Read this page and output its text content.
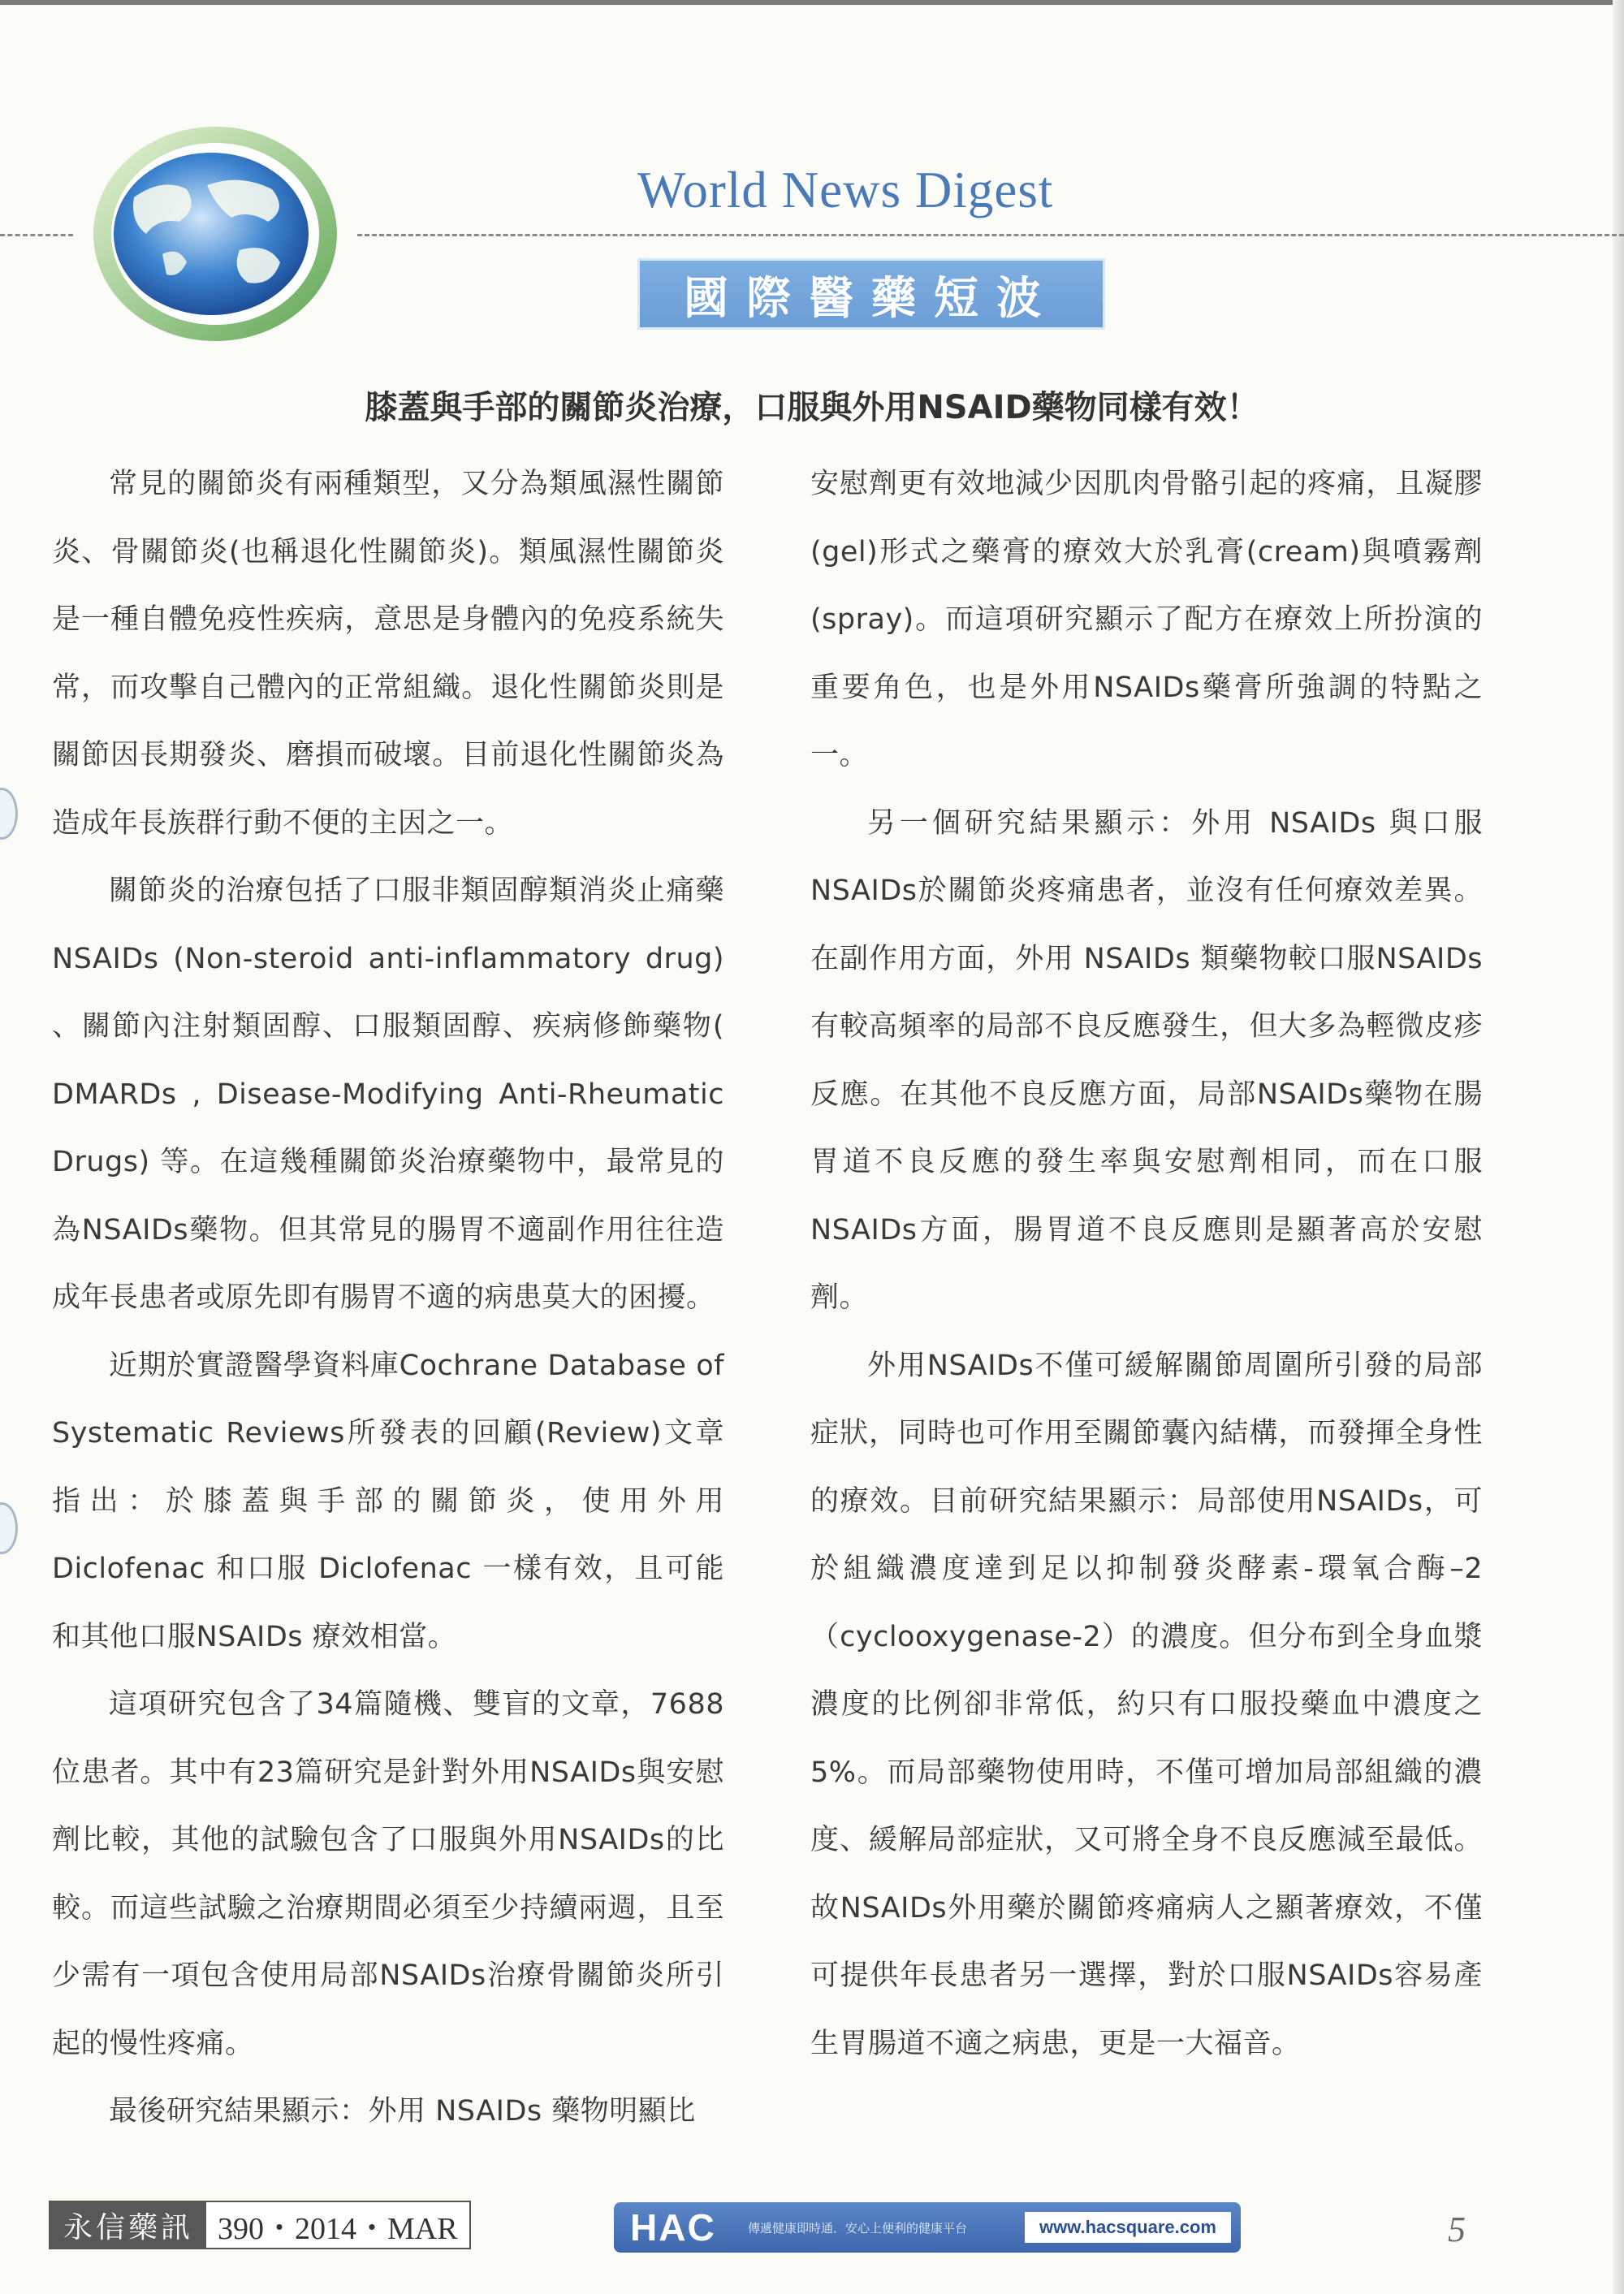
World News Digest
國際醫藥短波
膝蓋與手部的關節炎治療，口服與外用NSAID藥物同樣有效！

常見的關節炎有兩種類型，又分為類風濕性關節炎、骨關節炎(也稱退化性關節炎)。類風濕性關節炎是一種自體免疫性疾病，意思是身體內的免疫系統失常，而攻擊自己體內的正常組織。退化性關節炎則是關節因長期發炎、磨損而破壞。目前退化性關節炎為造成年長族群行動不便的主因之一。

關節炎的治療包括了口服非類固醇類消炎止痛藥NSAIDs (Non-steroid anti-inflammatory drug) 、關節內注射類固醇、口服類固醇、疾病修飾藥物( DMARDs , Disease-Modifying Anti-Rheumatic Drugs) 等。在這幾種關節炎治療藥物中，最常見的為NSAIDs藥物。但其常見的腸胃不適副作用往往造成年長患者或原先即有腸胃不適的病患莫大的困擾。

近期於實證醫學資料庫Cochrane Database of Systematic Reviews所發表的回顧(Review)文章指出：於膝蓋與手部的關節炎，使用外用 Diclofenac 和口服 Diclofenac 一樣有效，且可能和其他口服NSAIDs 療效相當。

這項研究包含了34篇隨機、雙盲的文章，7688位患者。其中有23篇研究是針對外用NSAIDs與安慰劑比較，其他的試驗包含了口服與外用NSAIDs的比較。而這些試驗之治療期間必須至少持續兩週，且至少需有一項包含使用局部NSAIDs治療骨關節炎所引起的慢性疼痛。

最後研究結果顯示：外用 NSAIDs 藥物明顯比

安慰劑更有效地減少因肌肉骨骼引起的疼痛，且凝膠(gel)形式之藥膏的療效大於乳膏(cream)與噴霧劑(spray)。而這項研究顯示了配方在療效上所扮演的重要角色，也是外用NSAIDs藥膏所強調的特點之一。

另一個研究結果顯示：外用 NSAIDs 與口服NSAIDs於關節炎疼痛患者，並沒有任何療效差異。在副作用方面，外用 NSAIDs 類藥物較口服NSAIDs有較高頻率的局部不良反應發生，但大多為輕微皮疹反應。在其他不良反應方面，局部NSAIDs藥物在腸胃道不良反應的發生率與安慰劑相同，而在口服NSAIDs方面，腸胃道不良反應則是顯著高於安慰劑。

外用NSAIDs不僅可緩解關節周圍所引發的局部症狀，同時也可作用至關節囊內結構，而發揮全身性的療效。目前研究結果顯示：局部使用NSAIDs，可於組織濃度達到足以抑制發炎酵素-環氧合酶–2（cyclooxygenase-2）的濃度。但分布到全身血漿濃度的比例卻非常低，約只有口服投藥血中濃度之5%。而局部藥物使用時，不僅可增加局部組織的濃度、緩解局部症狀，又可將全身不良反應減至最低。故NSAIDs外用藥於關節疼痛病人之顯著療效，不僅可提供年長患者另一選擇，對於口服NSAIDs容易產生胃腸道不適之病患，更是一大福音。

永信藥訊 390・2014・MAR	HAC	傳遞健康即時通．安心上便利的健康平台	www.hacsquare.com	5
